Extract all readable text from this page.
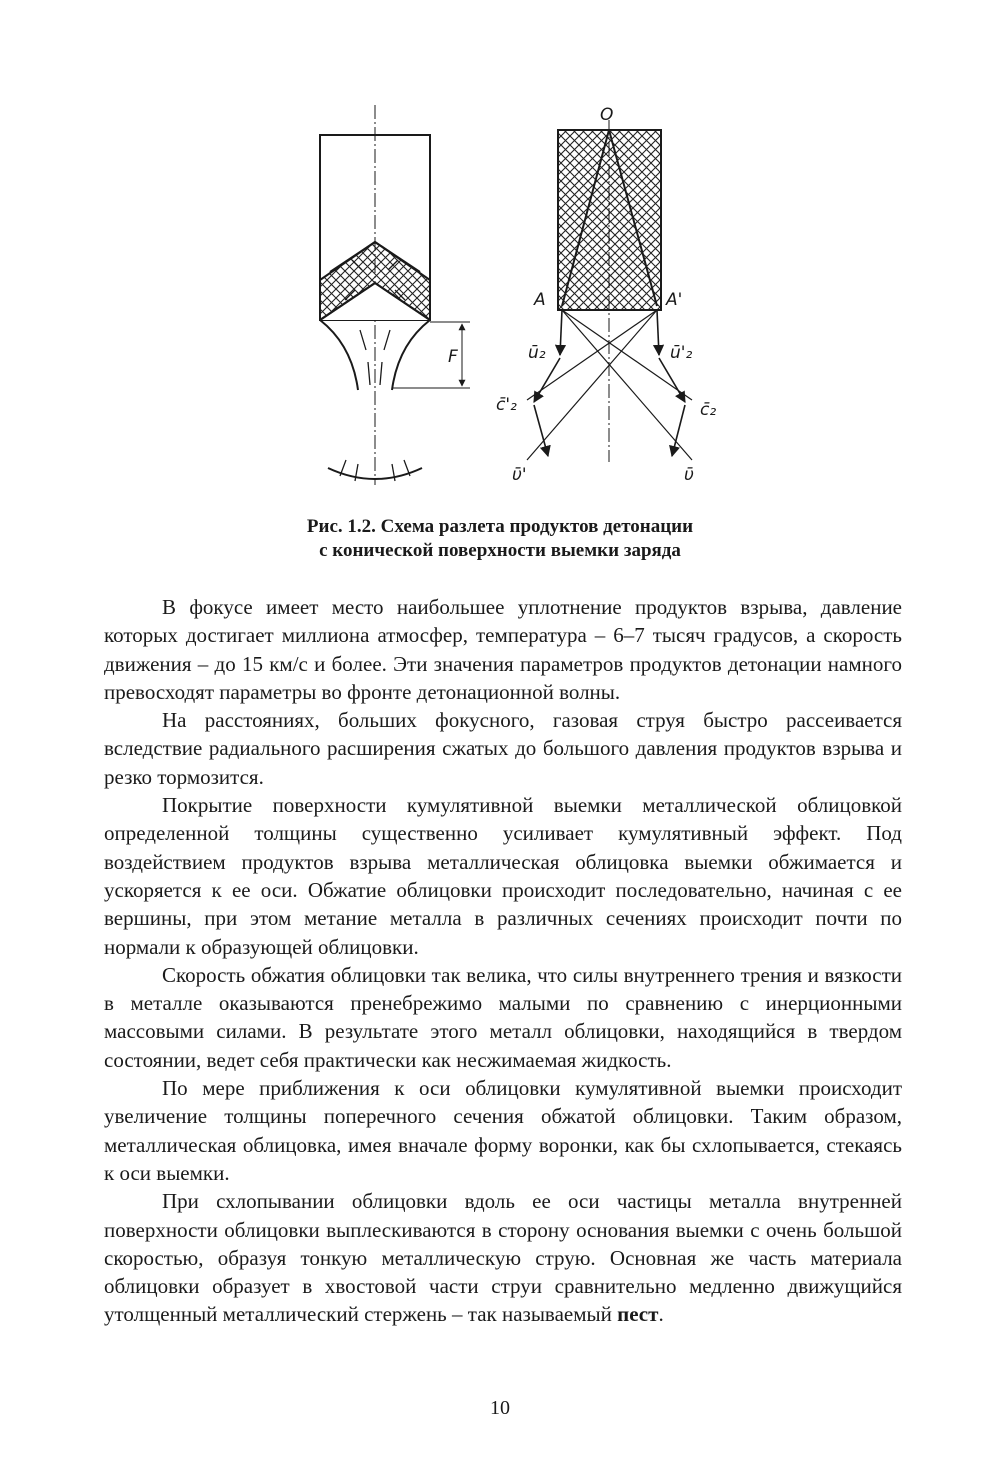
F
O
A	A'
ū₂	ū'₂
c̄'₂	c̄₂
ῡ'	ῡ
Рис. 1.2. Схема разлета продуктов детонации
с конической поверхности выемки заряда

В фокусе имеет место наибольшее уплотнение продуктов взрыва, давление которых достигает миллиона атмосфер, температура – 6–7 тысяч градусов, а скорость движения – до 15 км/с и более. Эти значения параметров продуктов детонации намного превосходят параметры во фронте детонационной волны.

На расстояниях, больших фокусного, газовая струя быстро рассеивается вследствие радиального расширения сжатых до большого давления продуктов взрыва и резко тормозится.

Покрытие поверхности кумулятивной выемки металлической облицовкой определенной толщины существенно усиливает кумулятивный эффект. Под воздействием продуктов взрыва металлическая облицовка выемки обжимается и ускоряется к ее оси. Обжатие облицовки происходит последовательно, начиная с ее вершины, при этом метание металла в различных сечениях происходит почти по нормали к образующей облицовки.

Скорость обжатия облицовки так велика, что силы внутреннего трения и вязкости в металле оказываются пренебрежимо малыми по сравнению с инерционными массовыми силами. В результате этого металл облицовки, находящийся в твердом состоянии, ведет себя практически как несжимаемая жидкость.

По мере приближения к оси облицовки кумулятивной выемки происходит увеличение толщины поперечного сечения обжатой облицовки. Таким образом, металлическая облицовка, имея вначале форму воронки, как бы схлопывается, стекаясь к оси выемки.

При схлопывании облицовки вдоль ее оси частицы металла внутренней поверхности облицовки выплескиваются в сторону основания выемки с очень большой скоростью, образуя тонкую металлическую струю. Основная же часть материала облицовки образует в хвостовой части струи сравнительно медленно движущийся утолщенный металлический стержень – так называемый пест.

10
